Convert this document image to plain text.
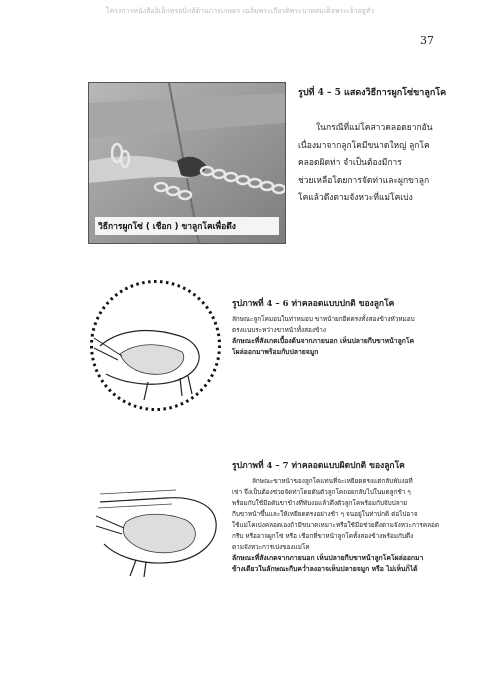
โครงการหนังสืออิเล็กทรอนิกส์ด้านการเกษตร เฉลิมพระเกียรติพระบาทสมเด็จพระเจ้าอยู่หัว
37
วิธีการผูกโซ่ ( เชือก ) ขาลูกโคเพื่อดึง
รูปที่ 4 – 5 แสดงวิธีการผูกโซ่ขาลูกโค
ในกรณีที่แม่โคสาวคลอดยากอัน
เนื่องมาจากลูกโคมีขนาดใหญ่ ลูกโค
คลอดผิดท่า จำเป็นต้องมีการ
ช่วยเหลือโดยการจัดท่าและผูกขาลูก
โคแล้วดึงตามจังหวะที่แม่โคเบ่ง
รูปภาพที่ 4 – 6 ท่าคลอดแบบปกติ ของลูกโค
ลักษณะลูกโคมอนในท่าหมอบ ขาหน้ายกยืดตรงทั้งสองข้างหัวหมอบ
ตรงแนบระหว่างขาหน้าทั้งสองข้าง
ลักษณะที่สังเกตเบื้องต้นจากภายนอก เห็นปลายกีบขาหน้าลูกโค
โผล่ออกมาพร้อมกับปลายจมูก
รูปภาพที่ 4 – 7 ท่าคลอดแบบผิดปกติ ของลูกโค
ลักษณะขาหน้าของลูกโคแทนที่จะเหยียดตรงแต่กลับพับงอที่
เข่า จึงเป็นต้องช่วยจัดท่าโดยดันตัวลูกโคถอยกลับไปในมดลูกช้า ๆ
พร้อมกับใช้มือดันขาข้างที่พับงอแล้วดึงตัวลูกโคพร้อมกับจับปลาย
กีบขาหน้าขึ้นและให้เหยียดตรงอย่างช้า ๆ จนอยู่ในท่าปกติ ต่อไปอาจ
ใช้แม่โคเบ่งคลอดเองถ้ามีขนาดเหมาะหรือใช้มือช่วยดึงตามจังหวะการคลอด
กรีบ หรืออาจผูกโซ่ หรือ เชือกที่ขาหน้าลูกโคทั้งสองข้างพร้อมกับดึง
ตามจังหวะการเบ่งของแม่โค
ลักษณะที่สังเกตจากภายนอก เห็นปลายกีบขาหน้าลูกโคโผล่ออกมา
ข้างเดียวในลักษณะกีบคว่ำลงอาจเห็นปลายจมูก หรือ ไม่เห็นก็ได้
